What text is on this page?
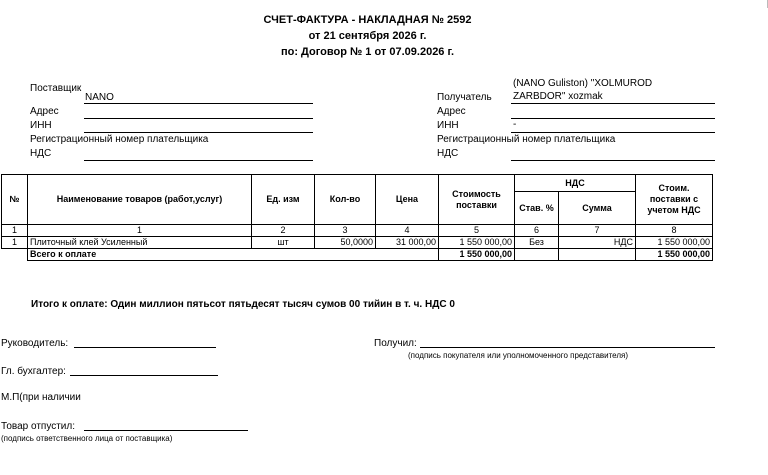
СЧЕТ-ФАКТУРА - НАКЛАДНАЯ № 2592
от 21 сентября 2026 г.
по: Договор № 1 от 07.09.2026 г.
Поставщик
NANO
Адрес
ИНН
Регистрационный номер плательщика
НДС
(NANO Guliston) "XOLMUROD
Получатель ZARBDOR" xozmak
Адрес
ИНН	-
Регистрационный номер плательщика
НДС
№	Наименование товаров (работ,услуг)	Ед. изм	Кол-во	Цена	Стоимость поставки	НДС		Стоим. поставки с учетом НДС
						Став. %	Сумма	
1	1	2	3	4	5	6	7	8
1	Плиточный клей Усиленный	шт	50,0000	31 000,00	1 550 000,00	Без	НДС	1 550 000,00
	Всего к оплате				1 550 000,00			1 550 000,00
Итого к оплате: Один миллион пятьсот пятьдесят тысяч сумов 00 тийин в т. ч. НДС 0
Руководитель:	Получил:
(подпись покупателя или уполномоченного представителя)
Гл. бухгалтер:
М.П(при наличии
Товар отпустил:
(подпись ответственного лица от поставщика)
